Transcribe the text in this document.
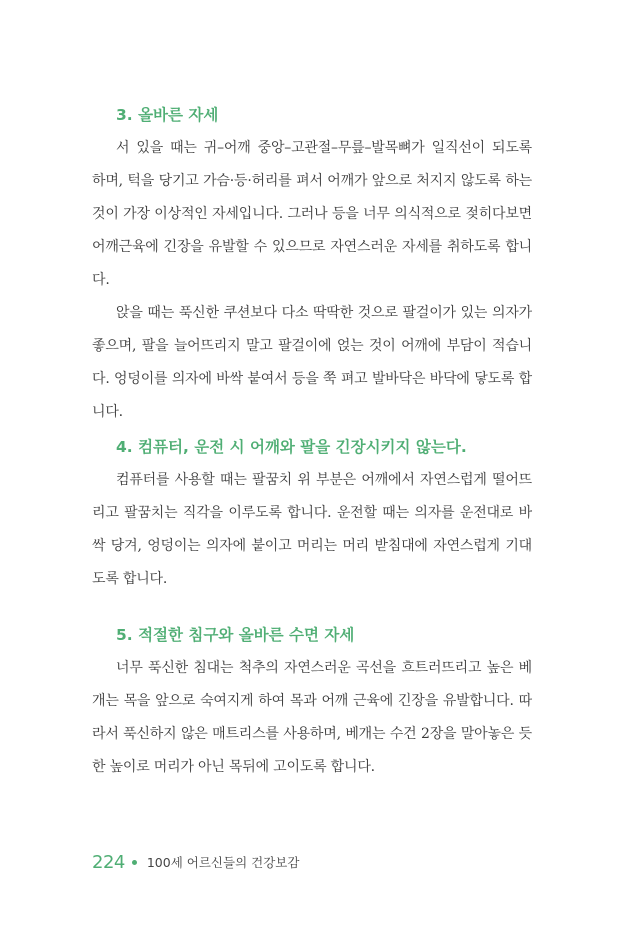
3. 올바른 자세

서 있을 때는 귀–어깨 중앙–고관절–무릎–발목뼈가 일직선이 되도록 하며, 턱을 당기고 가슴·등·허리를 펴서 어깨가 앞으로 처지지 않도록 하는 것이 가장 이상적인 자세입니다. 그러나 등을 너무 의식적으로 젖히다보면 어깨근육에 긴장을 유발할 수 있으므로 자연스러운 자세를 취하도록 합니다.

앉을 때는 푹신한 쿠션보다 다소 딱딱한 것으로 팔걸이가 있는 의자가 좋으며, 팔을 늘어뜨리지 말고 팔걸이에 얹는 것이 어깨에 부담이 적습니다. 엉덩이를 의자에 바싹 붙여서 등을 쭉 펴고 발바닥은 바닥에 닿도록 합니다.

4. 컴퓨터, 운전 시 어깨와 팔을 긴장시키지 않는다.

컴퓨터를 사용할 때는 팔꿈치 위 부분은 어깨에서 자연스럽게 떨어뜨리고 팔꿈치는 직각을 이루도록 합니다. 운전할 때는 의자를 운전대로 바싹 당겨, 엉덩이는 의자에 붙이고 머리는 머리 받침대에 자연스럽게 기대도록 합니다.

5. 적절한 침구와 올바른 수면 자세

너무 푹신한 침대는 척추의 자연스러운 곡선을 흐트러뜨리고 높은 베개는 목을 앞으로 숙여지게 하여 목과 어깨 근육에 긴장을 유발합니다. 따라서 푹신하지 않은 매트리스를 사용하며, 베개는 수건 2장을 말아놓은 듯한 높이로 머리가 아닌 목뒤에 고이도록 합니다.

224 100세 어르신들의 건강보감
